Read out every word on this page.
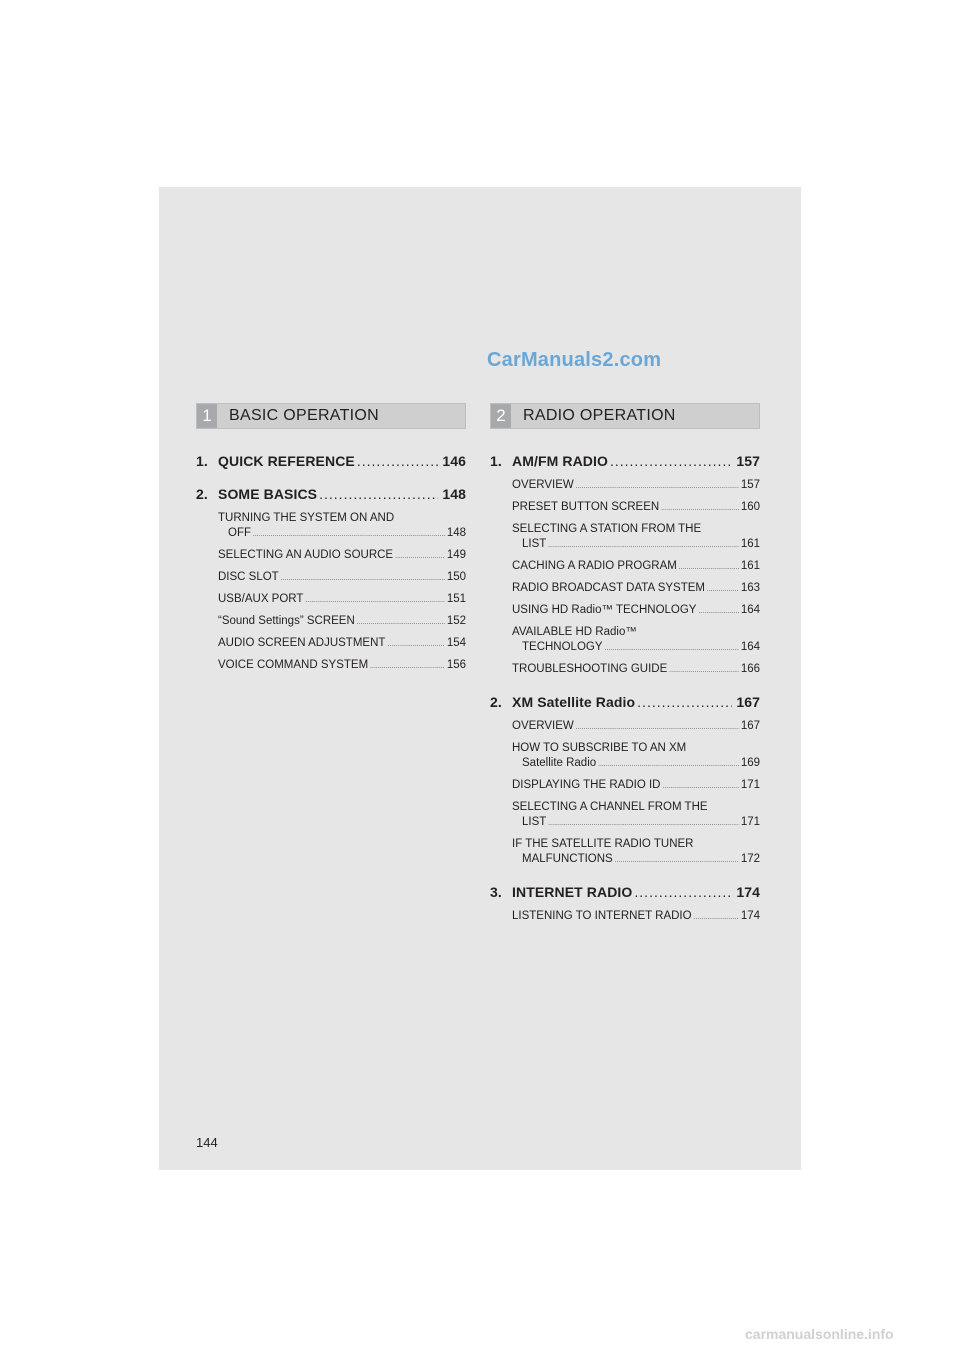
CarManuals2.com
1	BASIC OPERATION
1. QUICK REFERENCE .....	146
2. SOME BASICS .....	148
TURNING THE SYSTEM ON AND
OFF .....	148
SELECTING AN AUDIO SOURCE .....	149
DISC SLOT .....	150
USB/AUX PORT .....	151
“Sound Settings” SCREEN .....	152
AUDIO SCREEN ADJUSTMENT .....	154
VOICE COMMAND SYSTEM .....	156
2	RADIO OPERATION
1. AM/FM RADIO .....	157
OVERVIEW .....	157
PRESET BUTTON SCREEN .....	160
SELECTING A STATION FROM THE
LIST .....	161
CACHING A RADIO PROGRAM .....	161
RADIO BROADCAST DATA SYSTEM .....	163
USING HD Radio™ TECHNOLOGY .....	164
AVAILABLE HD Radio™
TECHNOLOGY .....	164
TROUBLESHOOTING GUIDE .....	166
2. XM Satellite Radio .....	167
OVERVIEW .....	167
HOW TO SUBSCRIBE TO AN XM
Satellite Radio .....	169
DISPLAYING THE RADIO ID .....	171
SELECTING A CHANNEL FROM THE
LIST .....	171
IF THE SATELLITE RADIO TUNER
MALFUNCTIONS .....	172
3. INTERNET RADIO .....	174
LISTENING TO INTERNET RADIO .....	174
144
carmanualsonline.info
